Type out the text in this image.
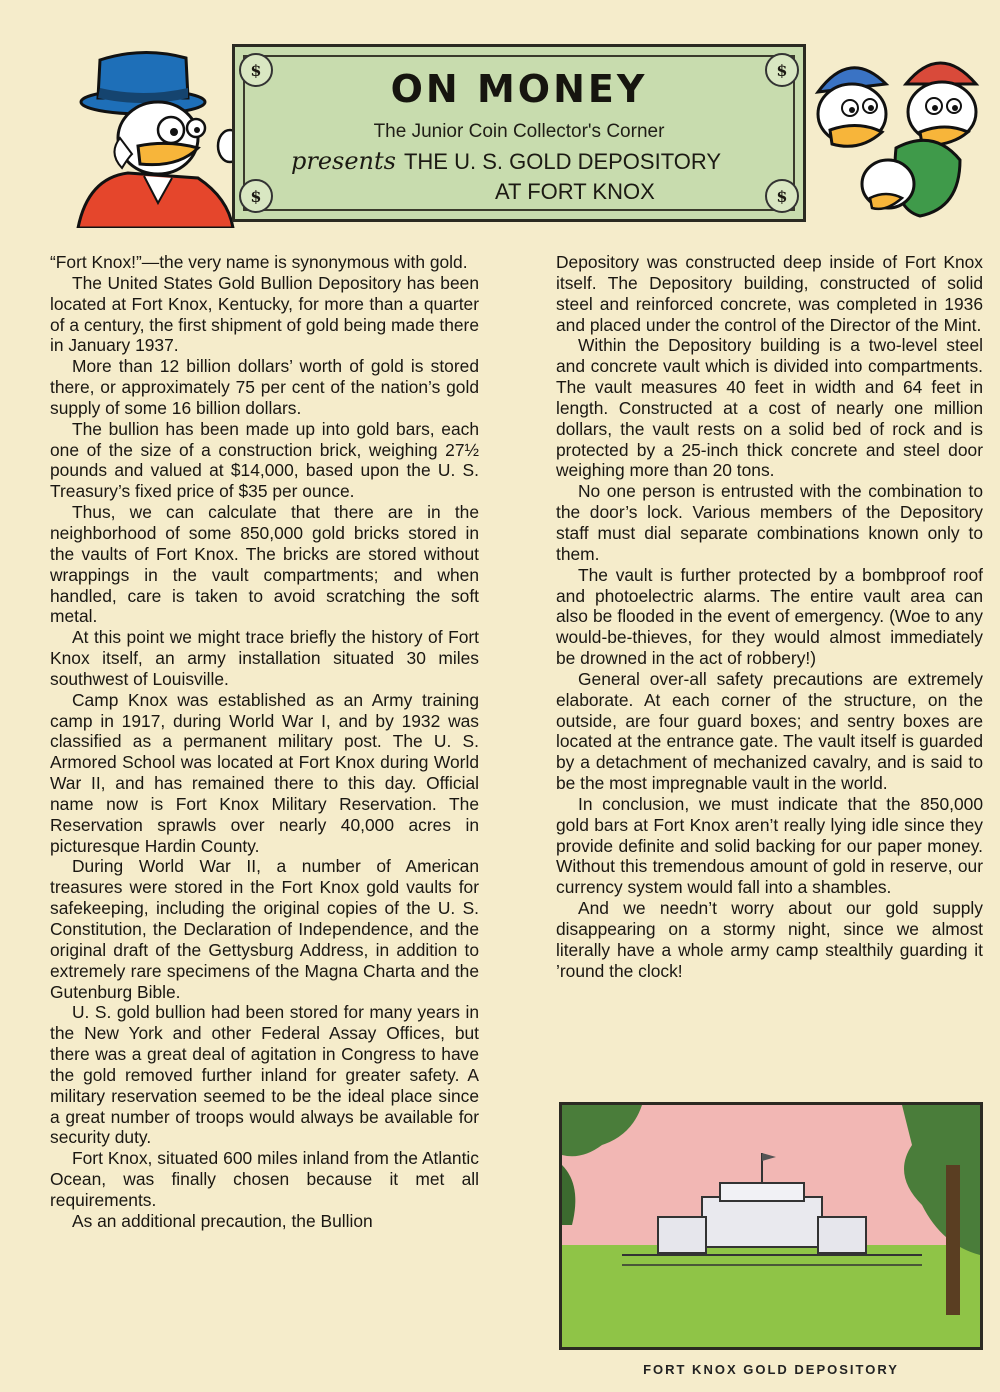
$	$
$	$
ON MONEY
The Junior Coin Collector's Corner
presents THE U. S. GOLD DEPOSITORY
AT FORT KNOX

“Fort Knox!”—the very name is synonymous with gold.

The United States Gold Bullion Depository has been located at Fort Knox, Kentucky, for more than a quarter of a century, the first shipment of gold being made there in January 1937.

More than 12 billion dollars’ worth of gold is stored there, or approximately 75 per cent of the nation’s gold supply of some 16 billion dollars.

The bullion has been made up into gold bars, each one of the size of a construction brick, weighing 27½ pounds and valued at $14,000, based upon the U. S. Treasury’s fixed price of $35 per ounce.

Thus, we can calculate that there are in the neighborhood of some 850,000 gold bricks stored in the vaults of Fort Knox. The bricks are stored without wrappings in the vault compartments; and when handled, care is taken to avoid scratching the soft metal.

At this point we might trace briefly the history of Fort Knox itself, an army installation situated 30 miles southwest of Louisville.

Camp Knox was established as an Army training camp in 1917, during World War I, and by 1932 was classified as a permanent military post. The U. S. Armored School was located at Fort Knox during World War II, and has remained there to this day. Official name now is Fort Knox Military Reservation. The Reservation sprawls over nearly 40,000 acres in picturesque Hardin County.

During World War II, a number of American treasures were stored in the Fort Knox gold vaults for safekeeping, including the original copies of the U. S. Constitution, the Declaration of Independence, and the original draft of the Gettysburg Address, in addition to extremely rare specimens of the Magna Charta and the Gutenburg Bible.

U. S. gold bullion had been stored for many years in the New York and other Federal Assay Offices, but there was a great deal of agitation in Congress to have the gold removed further inland for greater safety. A military reservation seemed to be the ideal place since a great number of troops would always be available for security duty.

Fort Knox, situated 600 miles inland from the Atlantic Ocean, was finally chosen because it met all requirements.

As an additional precaution, the Bullion

Depository was constructed deep inside of Fort Knox itself. The Depository building, constructed of solid steel and reinforced concrete, was completed in 1936 and placed under the control of the Director of the Mint.

Within the Depository building is a two-level steel and concrete vault which is divided into compartments. The vault measures 40 feet in width and 64 feet in length. Constructed at a cost of nearly one million dollars, the vault rests on a solid bed of rock and is protected by a 25-inch thick concrete and steel door weighing more than 20 tons.

No one person is entrusted with the combination to the door’s lock. Various members of the Depository staff must dial separate combinations known only to them.

The vault is further protected by a bombproof roof and photoelectric alarms. The entire vault area can also be flooded in the event of emergency. (Woe to any would-be-thieves, for they would almost immediately be drowned in the act of robbery!)

General over-all safety precautions are extremely elaborate. At each corner of the structure, on the outside, are four guard boxes; and sentry boxes are located at the entrance gate. The vault itself is guarded by a detachment of mechanized cavalry, and is said to be the most impregnable vault in the world.

In conclusion, we must indicate that the 850,000 gold bars at Fort Knox aren’t really lying idle since they provide definite and solid backing for our paper money. Without this tremendous amount of gold in reserve, our currency system would fall into a shambles.

And we needn’t worry about our gold supply disappearing on a stormy night, since we almost literally have a whole army camp stealthily guarding it ’round the clock!

FORT KNOX GOLD DEPOSITORY
